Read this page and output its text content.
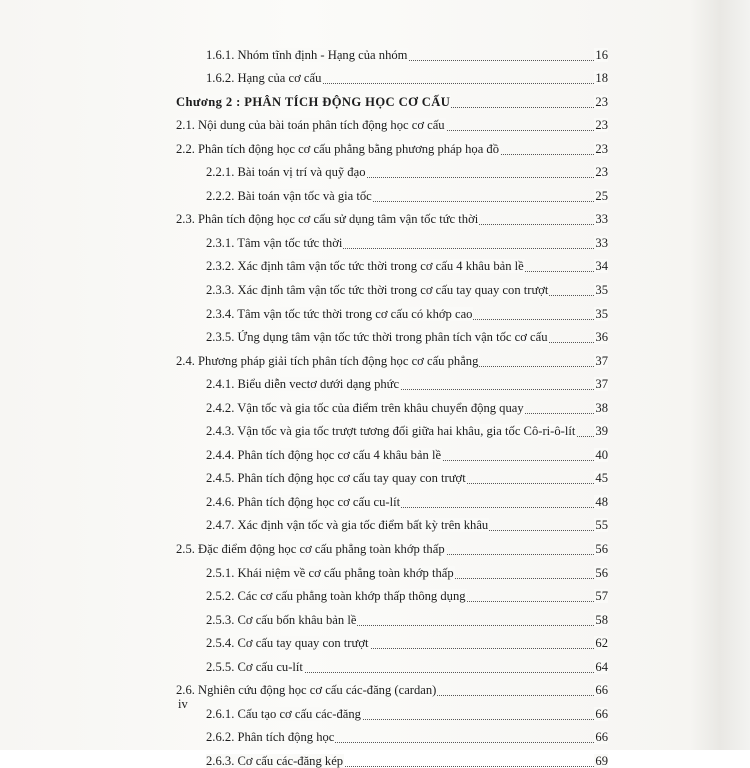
1.6.1. Nhóm tĩnh định - Hạng của nhóm	16
1.6.2. Hạng của cơ cấu	18
Chương 2 : PHÂN TÍCH ĐỘNG HỌC CƠ CẤU	23
2.1. Nội dung của bài toán phân tích động học cơ cấu	23
2.2. Phân tích động học cơ cấu phẳng bằng phương pháp họa đồ	23
2.2.1. Bài toán vị trí và quỹ đạo	23
2.2.2. Bài toán vận tốc và gia tốc	25
2.3. Phân tích động học cơ cấu sử dụng tâm vận tốc tức thời	33
2.3.1. Tâm vận tốc tức thời	33
2.3.2. Xác định tâm vận tốc tức thời trong cơ cấu 4 khâu bản lề	34
2.3.3. Xác định tâm vận tốc tức thời trong cơ cấu tay quay con trượt	35
2.3.4. Tâm vận tốc tức thời trong cơ cấu có khớp cao	35
2.3.5. Ứng dụng tâm vận tốc tức thời trong phân tích vận tốc cơ cấu	36
2.4. Phương pháp giải tích phân tích động học cơ cấu phẳng	37
2.4.1. Biểu diễn vectơ dưới dạng phức	37
2.4.2. Vận tốc và gia tốc của điểm trên khâu chuyển động quay	38
2.4.3. Vận tốc và gia tốc trượt tương đối giữa hai khâu, gia tốc Cô-ri-ô-lít 39
2.4.4. Phân tích động học cơ cấu 4 khâu bản lề	40
2.4.5. Phân tích động học cơ cấu tay quay con trượt	45
2.4.6. Phân tích động học cơ cấu cu-lít	48
2.4.7. Xác định vận tốc và gia tốc điểm bất kỳ trên khâu	55
2.5. Đặc điểm động học cơ cấu phẳng toàn khớp thấp	56
2.5.1. Khái niệm về cơ cấu phẳng toàn khớp thấp	56
2.5.2. Các cơ cấu phẳng toàn khớp thấp thông dụng	57
2.5.3. Cơ cấu bốn khâu bản lề	58
2.5.4. Cơ cấu tay quay con trượt	62
2.5.5. Cơ cấu cu-lít	64
2.6. Nghiên cứu động học cơ cấu các-đăng (cardan)	66
2.6.1. Cấu tạo cơ cấu các-đăng	66
2.6.2. Phân tích động học	66
2.6.3. Cơ cấu các-đăng kép	69
iv
